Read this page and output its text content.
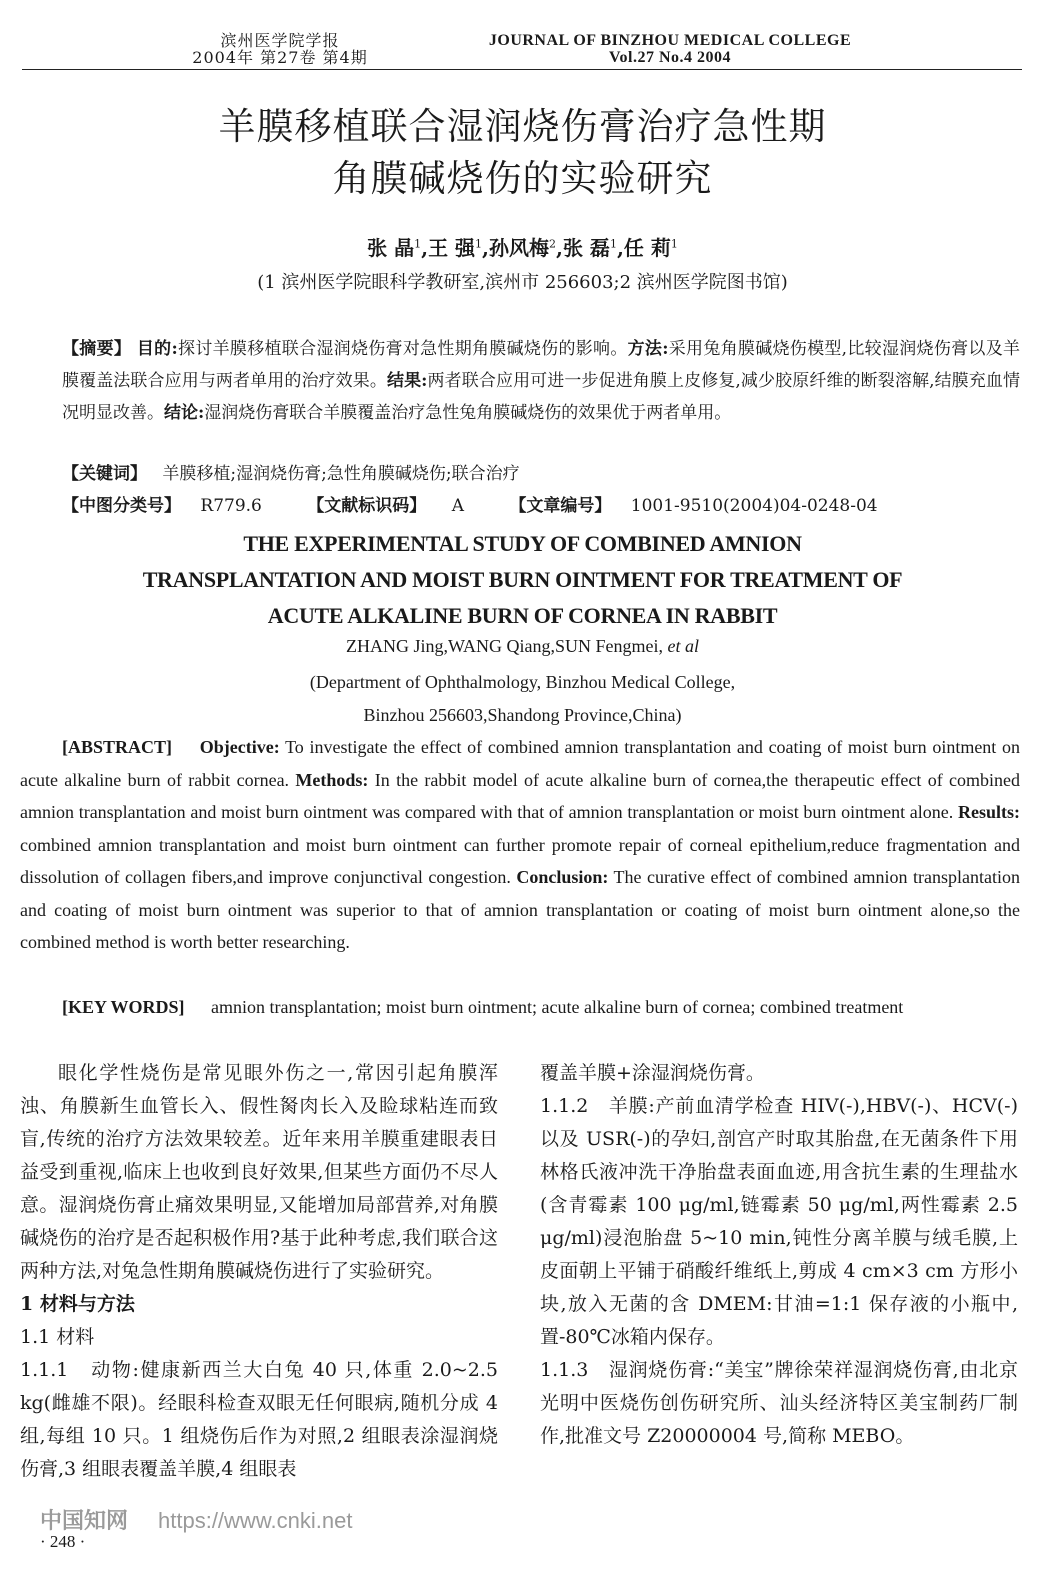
滨州医学院学报
2004年 第27卷 第4期
JOURNAL OF BINZHOU MEDICAL COLLEGE
Vol.27 No.4 2004
羊膜移植联合湿润烧伤膏治疗急性期
角膜碱烧伤的实验研究
张 晶$^1$,王 强$^1$,孙风梅$^2$,张 磊$^1$,任 莉$^1$
(1 滨州医学院眼科学教研室,滨州市 256603;2 滨州医学院图书馆)
【摘要】 目的:探讨羊膜移植联合湿润烧伤膏对急性期角膜碱烧伤的影响。方法:采用兔角膜碱烧伤模型,比较湿润烧伤膏以及羊膜覆盖法联合应用与两者单用的治疗效果。结果:两者联合应用可进一步促进角膜上皮修复,减少胶原纤维的断裂溶解,结膜充血情况明显改善。结论:湿润烧伤膏联合羊膜覆盖治疗急性兔角膜碱烧伤的效果优于两者单用。
【关键词】 羊膜移植;湿润烧伤膏;急性角膜碱烧伤;联合治疗
【中图分类号】 R779.6	【文献标识码】 A	【文章编号】 1001-9510(2004)04-0248-04
THE EXPERIMENTAL STUDY OF COMBINED AMNION
TRANSPLANTATION AND MOIST BURN OINTMENT FOR TREATMENT OF
ACUTE ALKALINE BURN OF CORNEA IN RABBIT
ZHANG Jing,WANG Qiang,SUN Fengmei, et al
(Department of Ophthalmology, Binzhou Medical College,
Binzhou 256603,Shandong Province,China)
[ABSTRACT] Objective: To investigate the effect of combined amnion transplantation and coating of moist burn ointment on acute alkaline burn of rabbit cornea. Methods: In the rabbit model of acute alkaline burn of cornea,the therapeutic effect of combined amnion transplantation and moist burn ointment was compared with that of amnion transplantation or moist burn ointment alone. Results: combined amnion transplantation and moist burn ointment can further promote repair of corneal epithelium,reduce fragmentation and dissolution of collagen fibers,and improve conjunctival congestion. Conclusion: The curative effect of combined amnion transplantation and coating of moist burn ointment was superior to that of amnion transplantation or coating of moist burn ointment alone,so the combined method is worth better researching.
[KEY WORDS] amnion transplantation; moist burn ointment; acute alkaline burn of cornea; combined treatment

眼化学性烧伤是常见眼外伤之一,常因引起角膜浑浊、角膜新生血管长入、假性胬肉长入及睑球粘连而致盲,传统的治疗方法效果较差。近年来用羊膜重建眼表日益受到重视,临床上也收到良好效果,但某些方面仍不尽人意。湿润烧伤膏止痛效果明显,又能增加局部营养,对角膜碱烧伤的治疗是否起积极作用?基于此种考虑,我们联合这两种方法,对兔急性期角膜碱烧伤进行了实验研究。

1 材料与方法

1.1 材料

1.1.1 动物:健康新西兰大白兔 40 只,体重 2.0~2.5 kg(雌雄不限)。经眼科检查双眼无任何眼病,随机分成 4 组,每组 10 只。1 组烧伤后作为对照,2 组眼表涂湿润烧伤膏,3 组眼表覆盖羊膜,4 组眼表

覆盖羊膜+涂湿润烧伤膏。

1.1.2 羊膜:产前血清学检查 HIV(-),HBV(-)、HCV(-)以及 USR(-)的孕妇,剖宫产时取其胎盘,在无菌条件下用林格氏液冲洗干净胎盘表面血迹,用含抗生素的生理盐水(含青霉素 100 μg/ml,链霉素 50 μg/ml,两性霉素 2.5 μg/ml)浸泡胎盘 5~10 min,钝性分离羊膜与绒毛膜,上皮面朝上平铺于硝酸纤维纸上,剪成 4 cm×3 cm 方形小块,放入无菌的含 DMEM:甘油=1:1 保存液的小瓶中,置-80℃冰箱内保存。

1.1.3 湿润烧伤膏:“美宝”牌徐荣祥湿润烧伤膏,由北京光明中医烧伤创伤研究所、汕头经济特区美宝制药厂制作,批准文号 Z20000004 号,简称 MEBO。

中国知网 https://www.cnki.net
· 248 ·
